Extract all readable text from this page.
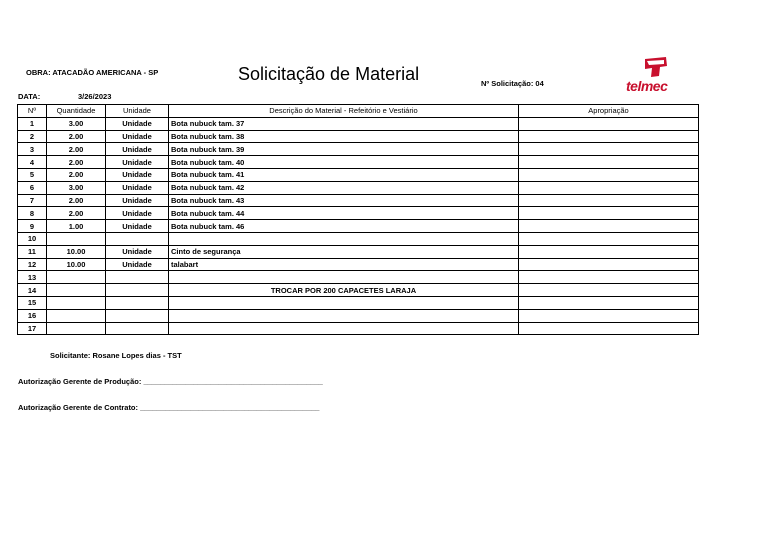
OBRA: ATACADÃO AMERICANA - SP	Solicitação de Material	Nº Solicitação: 04
DATA:	3/26/2023
telmec
Nº	Quantidade	Unidade	Descrição do Material - Refeitório e Vestiário	Apropriação
1	3.00	Unidade	Bota nubuck tam. 37	
2	2.00	Unidade	Bota nubuck tam. 38	
3	2.00	Unidade	Bota nubuck tam. 39	
4	2.00	Unidade	Bota nubuck tam. 40	
5	2.00	Unidade	Bota nubuck tam. 41	
6	3.00	Unidade	Bota nubuck tam. 42	
7	2.00	Unidade	Bota nubuck tam. 43	
8	2.00	Unidade	Bota nubuck tam. 44	
9	1.00	Unidade	Bota nubuck tam. 46	
10				
11	10.00	Unidade	Cinto de segurança	
12	10.00	Unidade	talabart	
13				
14			TROCAR POR 200 CAPACETES LARAJA	
15				
16				
17				
Solicitante: Rosane Lopes dias - TST
Autorização Gerente de Produção: ___________________________________________
Autorização Gerente de Contrato: ___________________________________________
